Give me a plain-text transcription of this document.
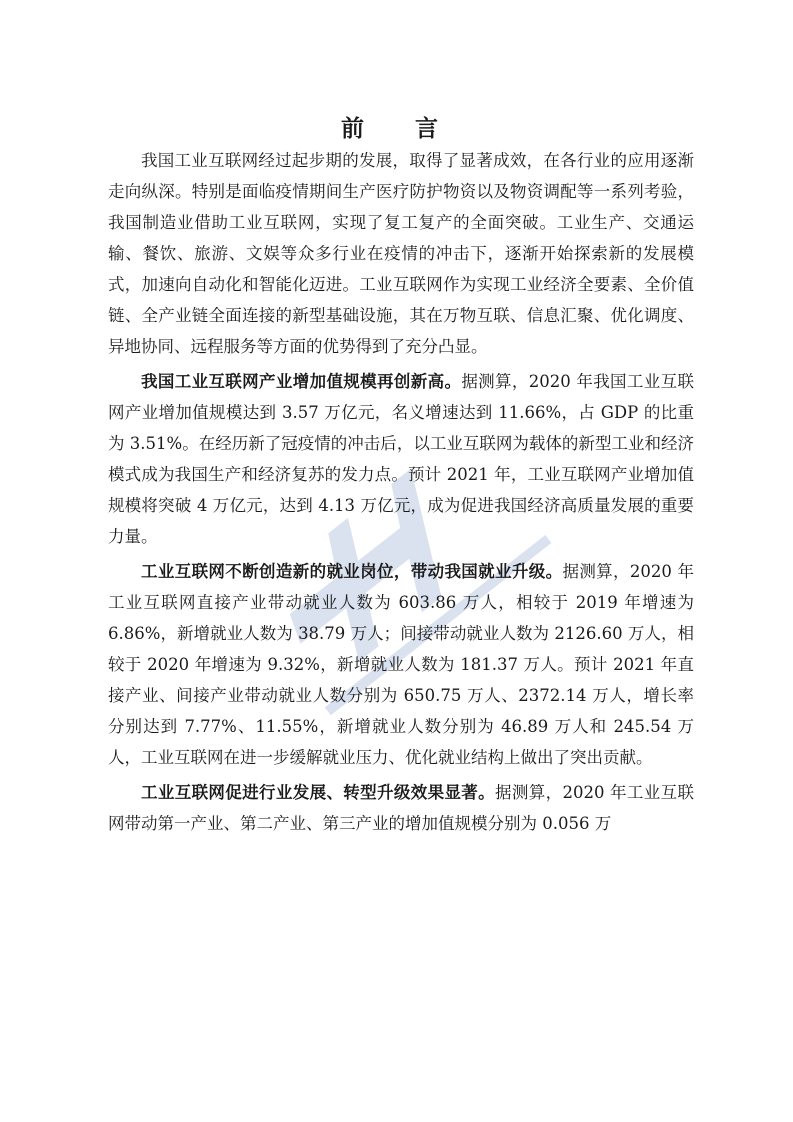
前　言

我国工业互联网经过起步期的发展，取得了显著成效，在各行业的应用逐渐走向纵深。特别是面临疫情期间生产医疗防护物资以及物资调配等一系列考验，我国制造业借助工业互联网，实现了复工复产的全面突破。工业生产、交通运输、餐饮、旅游、文娱等众多行业在疫情的冲击下，逐渐开始探索新的发展模式，加速向自动化和智能化迈进。工业互联网作为实现工业经济全要素、全价值链、全产业链全面连接的新型基础设施，其在万物互联、信息汇聚、优化调度、异地协同、远程服务等方面的优势得到了充分凸显。

我国工业互联网产业增加值规模再创新高。据测算，2020 年我国工业互联网产业增加值规模达到 3.57 万亿元，名义增速达到 11.66%，占 GDP 的比重为 3.51%。在经历新了冠疫情的冲击后，以工业互联网为载体的新型工业和经济模式成为我国生产和经济复苏的发力点。预计 2021 年，工业互联网产业增加值规模将突破 4 万亿元，达到 4.13 万亿元，成为促进我国经济高质量发展的重要力量。

工业互联网不断创造新的就业岗位，带动我国就业升级。据测算，2020 年工业互联网直接产业带动就业人数为 603.86 万人，相较于 2019 年增速为 6.86%，新增就业人数为 38.79 万人；间接带动就业人数为 2126.60 万人，相较于 2020 年增速为 9.32%，新增就业人数为 181.37 万人。预计 2021 年直接产业、间接产业带动就业人数分别为 650.75 万人、2372.14 万人，增长率分别达到 7.77%、11.55%，新增就业人数分别为 46.89 万人和 245.54 万人，工业互联网在进一步缓解就业压力、优化就业结构上做出了突出贡献。

工业互联网促进行业发展、转型升级效果显著。据测算，2020 年工业互联网带动第一产业、第二产业、第三产业的增加值规模分别为 0.056 万
